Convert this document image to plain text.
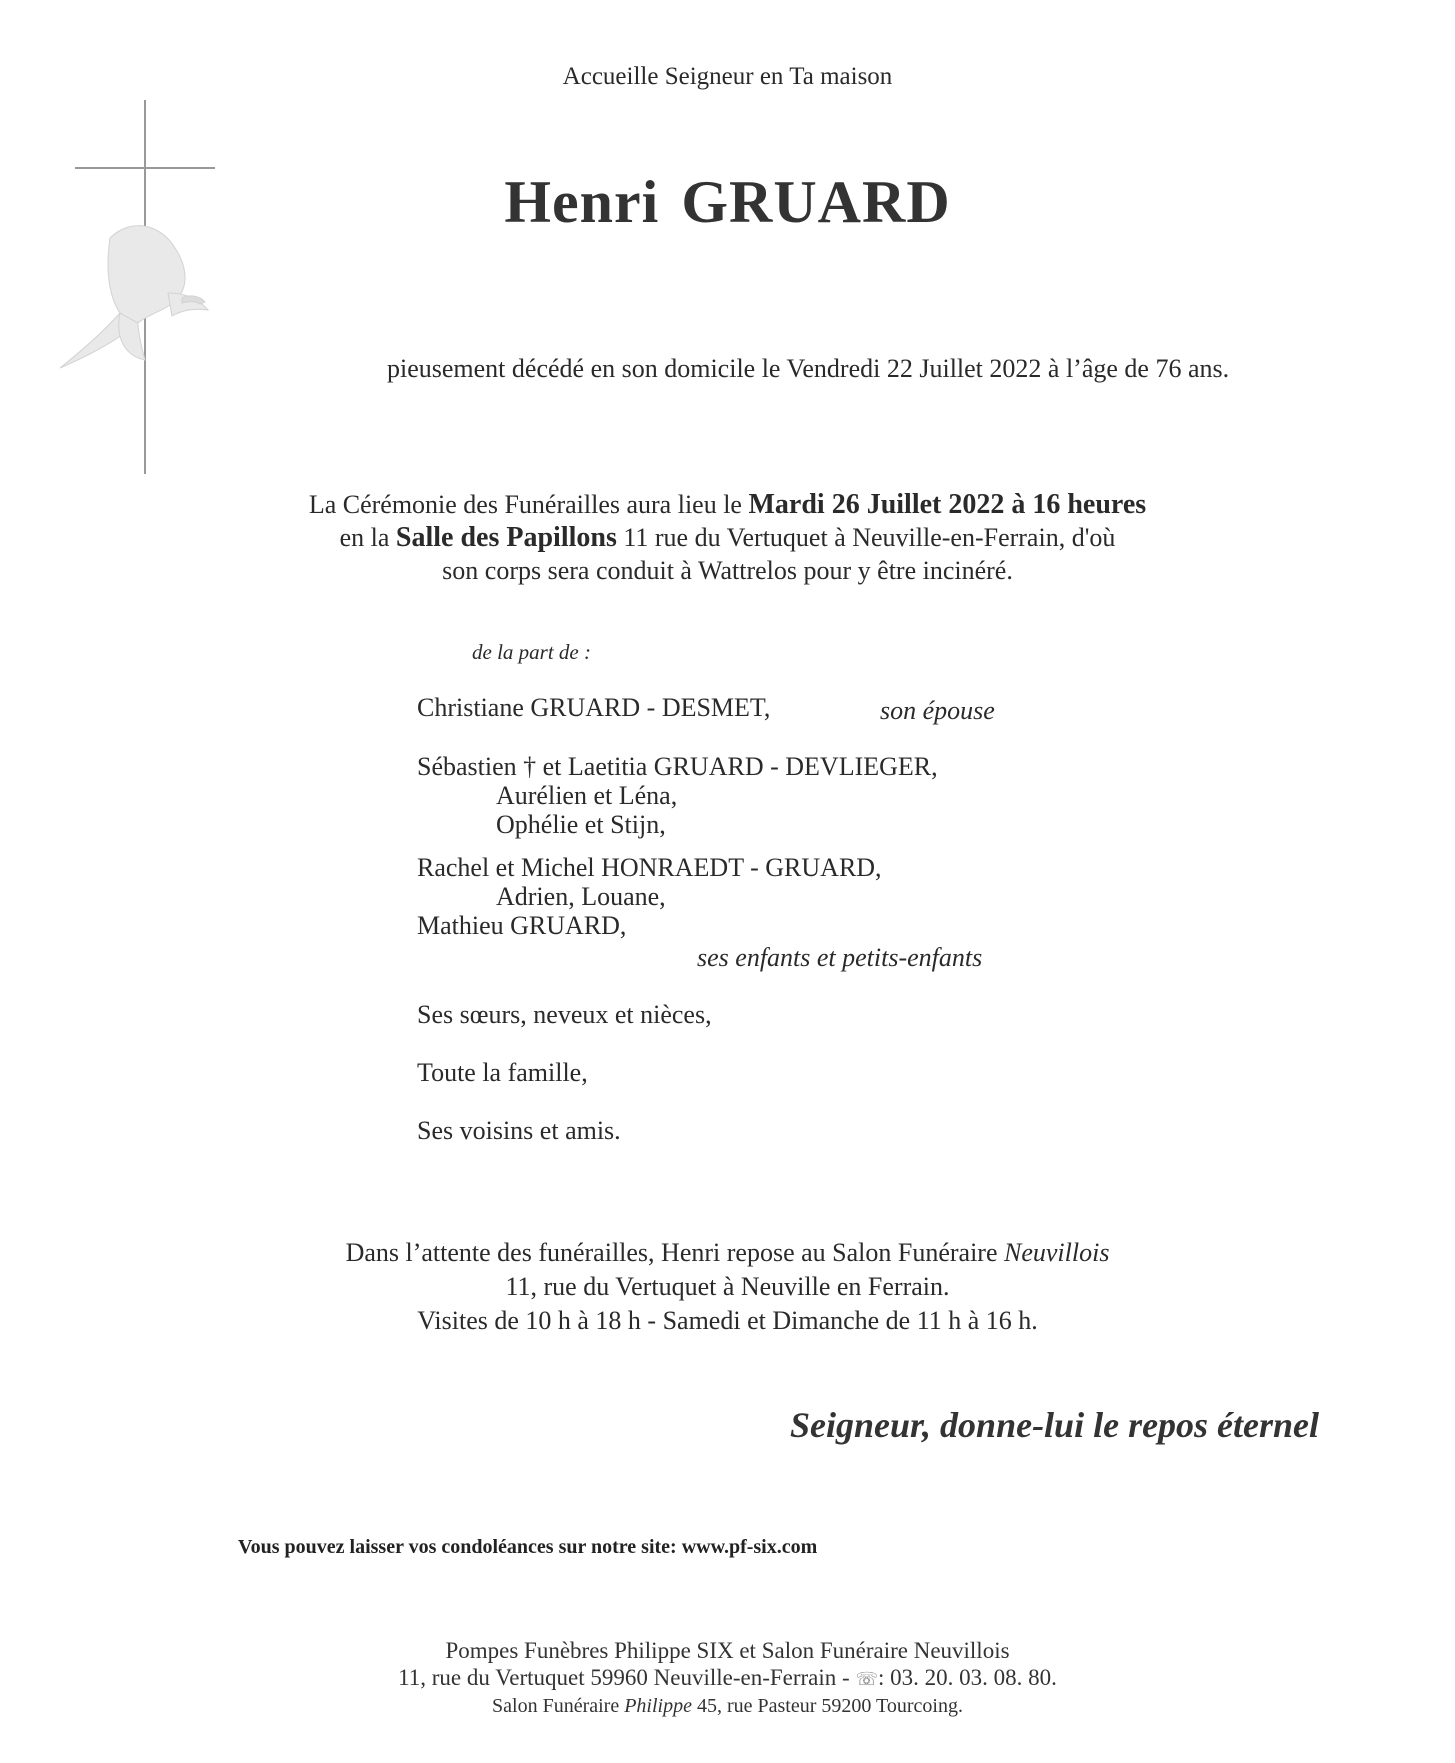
Accueille Seigneur en Ta maison
Henri GRUARD
pieusement décédé en son domicile le Vendredi 22 Juillet 2022 à l’âge de 76 ans.
La Cérémonie des Funérailles aura lieu le Mardi 26 Juillet 2022 à 16 heures
en la Salle des Papillons 11 rue du Vertuquet à Neuville-en-Ferrain, d'où
son corps sera conduit à Wattrelos pour y être incinéré.
de la part de :
Christiane GRUARD - DESMET,	son épouse
Sébastien † et Laetitia GRUARD - DEVLIEGER,
Aurélien et Léna,
Ophélie et Stijn,
Rachel et Michel HONRAEDT - GRUARD,
Adrien, Louane,
Mathieu GRUARD,
ses enfants et petits-enfants
Ses sœurs, neveux et nièces,
Toute la famille,
Ses voisins et amis.
Dans l’attente des funérailles, Henri repose au Salon Funéraire Neuvillois
11, rue du Vertuquet à Neuville en Ferrain.
Visites de 10 h à 18 h - Samedi et Dimanche de 11 h à 16 h.
Seigneur, donne-lui le repos éternel
Vous pouvez laisser vos condoléances sur notre site: www.pf-six.com
Pompes Funèbres Philippe SIX et Salon Funéraire Neuvillois
11, rue du Vertuquet 59960 Neuville-en-Ferrain - ☏: 03. 20. 03. 08. 80.
Salon Funéraire Philippe 45, rue Pasteur 59200 Tourcoing.
